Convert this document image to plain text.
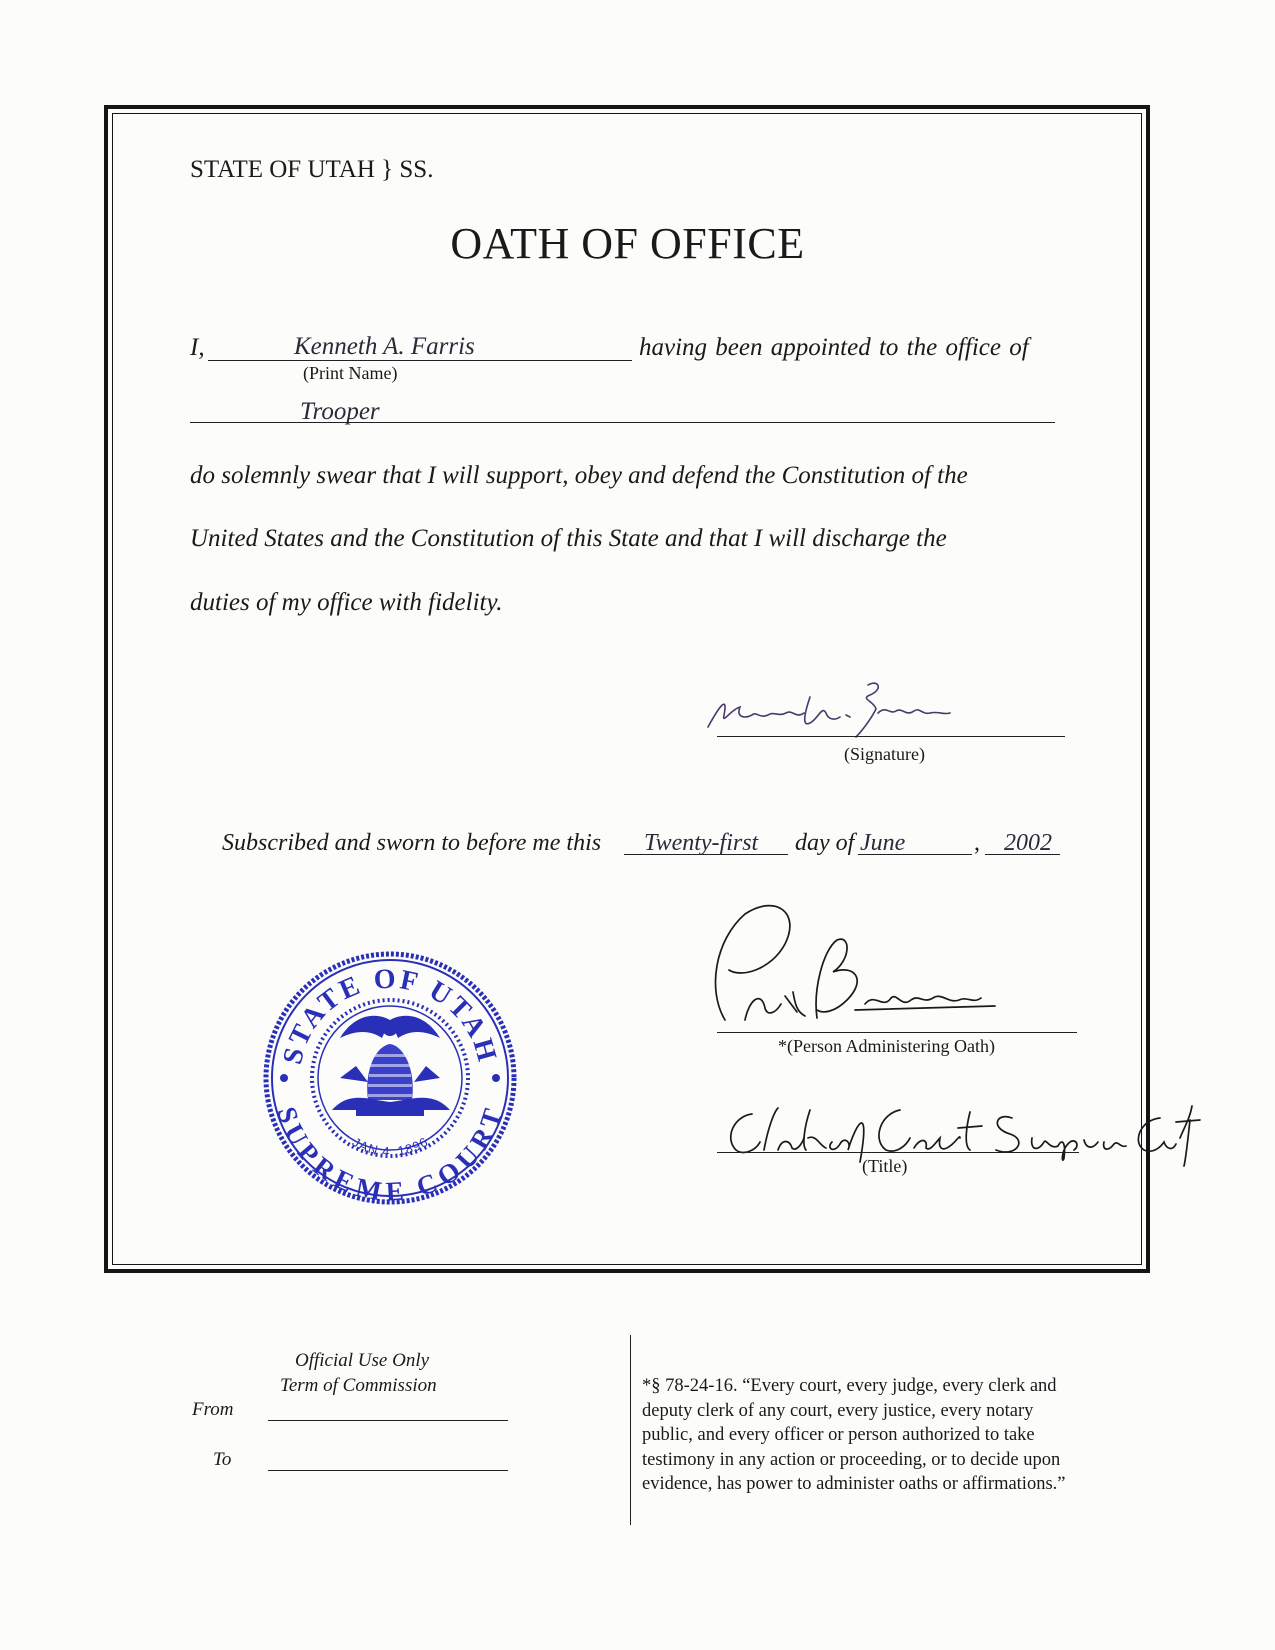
STATE OF UTAH } SS.
OATH OF OFFICE
I,	Kenneth A. Farris
(Print Name)
having been appointed to the office of
Trooper
do solemnly swear that I will support, obey and defend the Constitution of the
United States and the Constitution of this State and that I will discharge the
duties of my office with fidelity.
(Signature)
Subscribed and sworn to before me this Twenty-first day of June	, 2002
STATE OF UTAH
SUPREME COURT
JAN 4, 1896
*(Person Administering Oath)
(Title)
Official Use Only
Term of Commission
From
To
*§ 78-24-16. “Every court, every judge, every clerk and
deputy clerk of any court, every justice, every notary
public, and every officer or person authorized to take
testimony in any action or proceeding, or to decide upon
evidence, has power to administer oaths or affirmations.”
